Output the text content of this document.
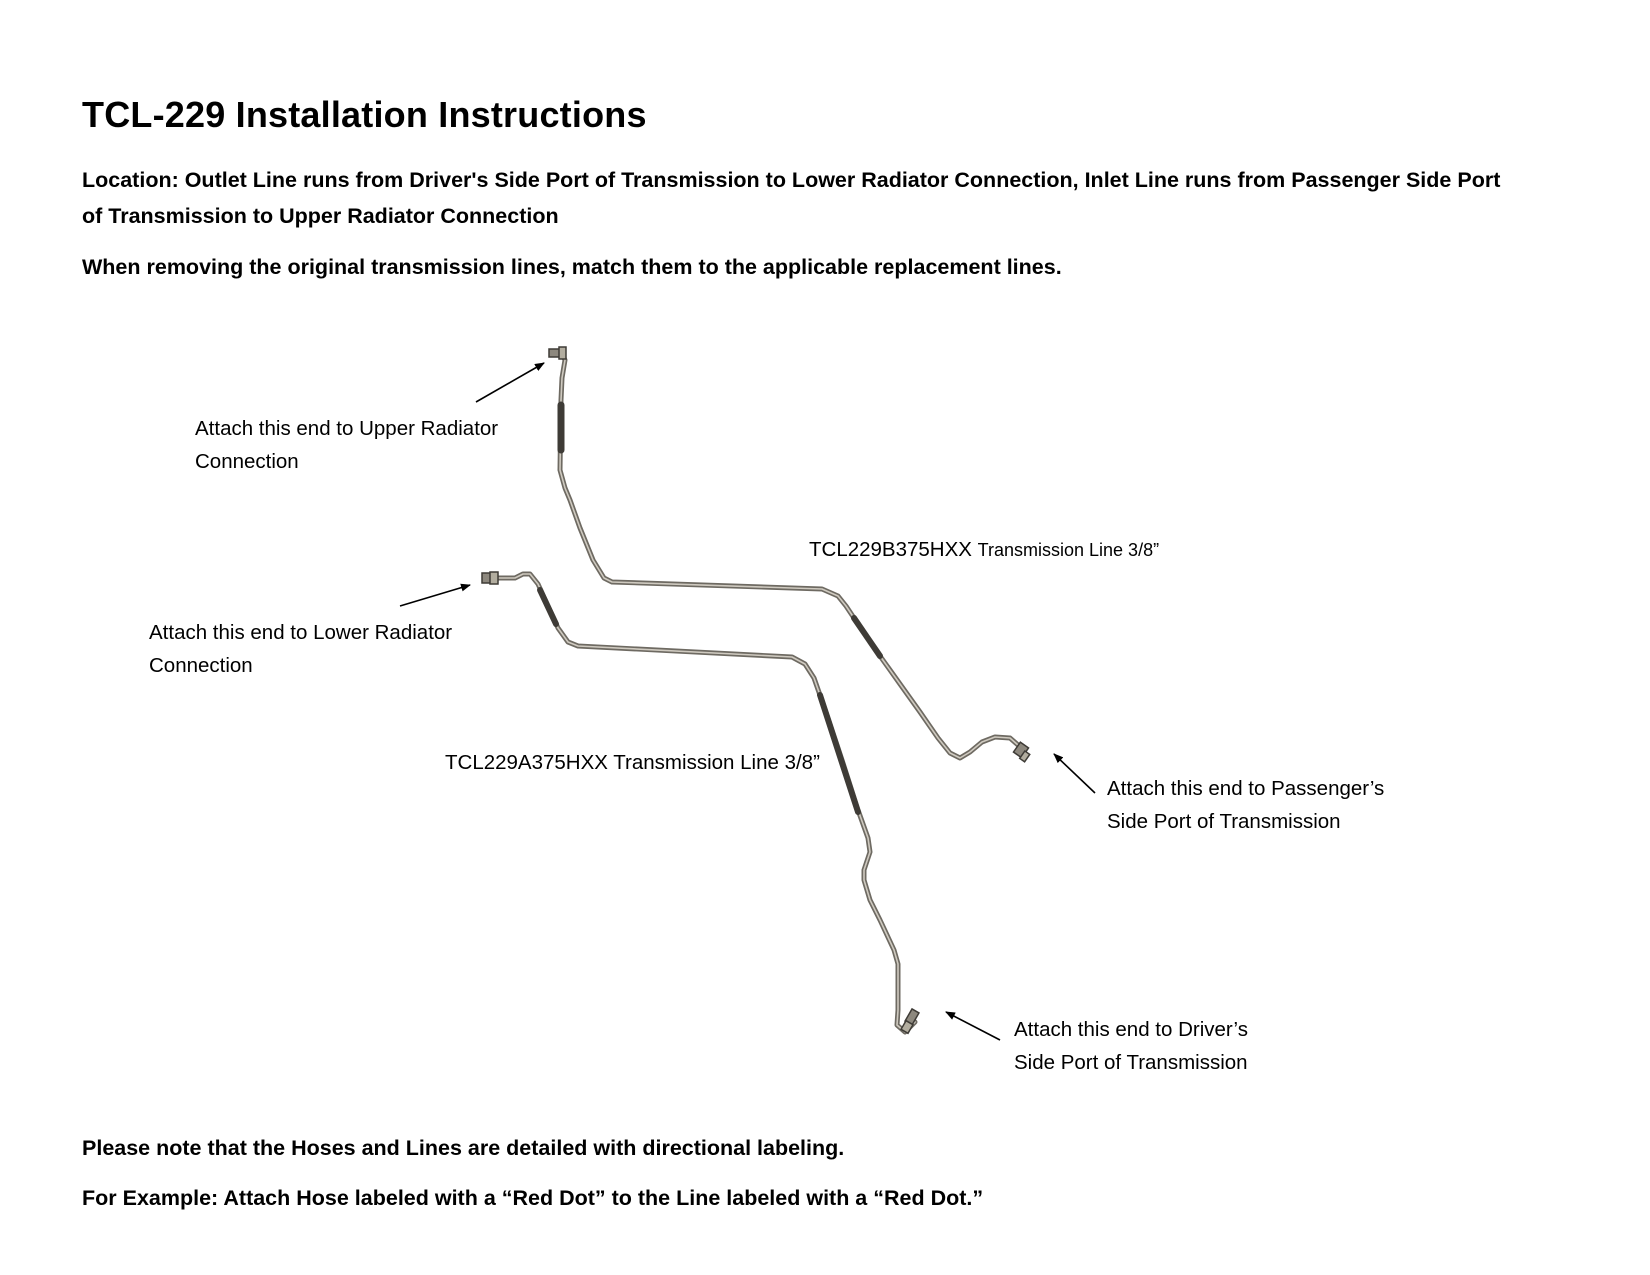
TCL-229 Installation Instructions
Location: Outlet Line runs from Driver's Side Port of Transmission to Lower Radiator Connection, Inlet Line runs from Passenger Side Port of Transmission to Upper Radiator Connection
When removing the original transmission lines, match them to the applicable replacement lines.
Attach this end to Upper Radiator
Connection
Attach this end to Lower Radiator
Connection
Attach this end to Passenger’s
Side Port of Transmission
Attach this end to Driver’s
Side Port of Transmission
TCL229B375HXX Transmission Line 3/8”
TCL229A375HXX Transmission Line 3/8”
Please note that the Hoses and Lines are detailed with directional labeling.
For Example: Attach Hose labeled with a “Red Dot” to the Line labeled with a “Red Dot.”
